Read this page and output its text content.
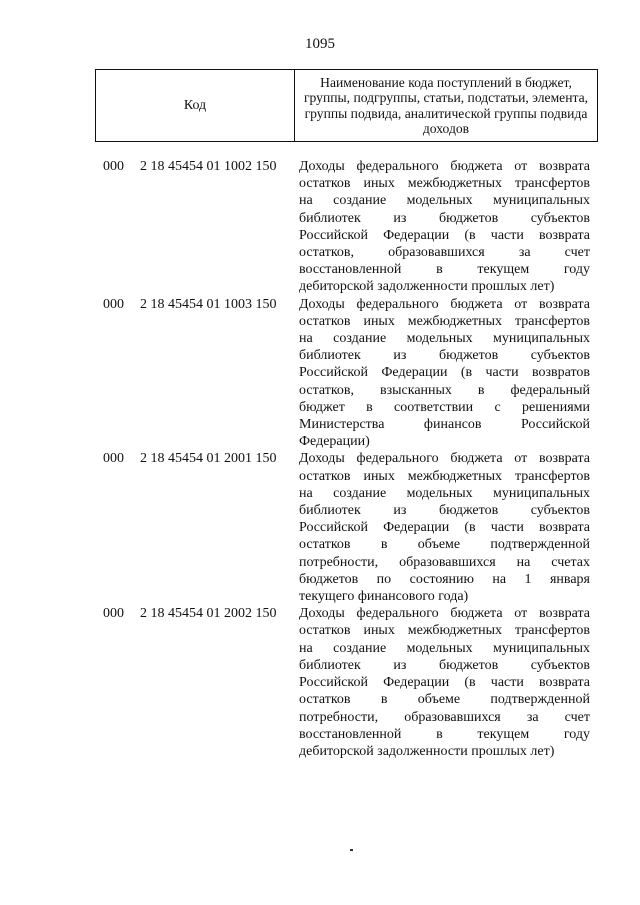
1095
Код
Наименование кода поступлений в бюджет, группы, подгруппы, статьи, подстатьи, элемента, группы подвида, аналитической группы подвида доходов
000 2 18 45454 01 1002 150 Доходы федерального бюджета от возврата
остатков иных межбюджетных трансфертов
на создание модельных муниципальных
библиотек из бюджетов субъектов
Российской Федерации (в части возврата
остатков, образовавшихся за счет
восстановленной в текущем году
дебиторской задолженности прошлых лет)
000 2 18 45454 01 1003 150 Доходы федерального бюджета от возврата
остатков иных межбюджетных трансфертов
на создание модельных муниципальных
библиотек из бюджетов субъектов
Российской Федерации (в части возвратов
остатков, взысканных в федеральный
бюджет в соответствии с решениями
Министерства финансов Российской
Федерации)
000 2 18 45454 01 2001 150 Доходы федерального бюджета от возврата
остатков иных межбюджетных трансфертов
на создание модельных муниципальных
библиотек из бюджетов субъектов
Российской Федерации (в части возврата
остатков в объеме подтвержденной
потребности, образовавшихся на счетах
бюджетов по состоянию на 1 января
текущего финансового года)
000 2 18 45454 01 2002 150 Доходы федерального бюджета от возврата
остатков иных межбюджетных трансфертов
на создание модельных муниципальных
библиотек из бюджетов субъектов
Российской Федерации (в части возврата
остатков в объеме подтвержденной
потребности, образовавшихся за счет
восстановленной в текущем году
дебиторской задолженности прошлых лет)
